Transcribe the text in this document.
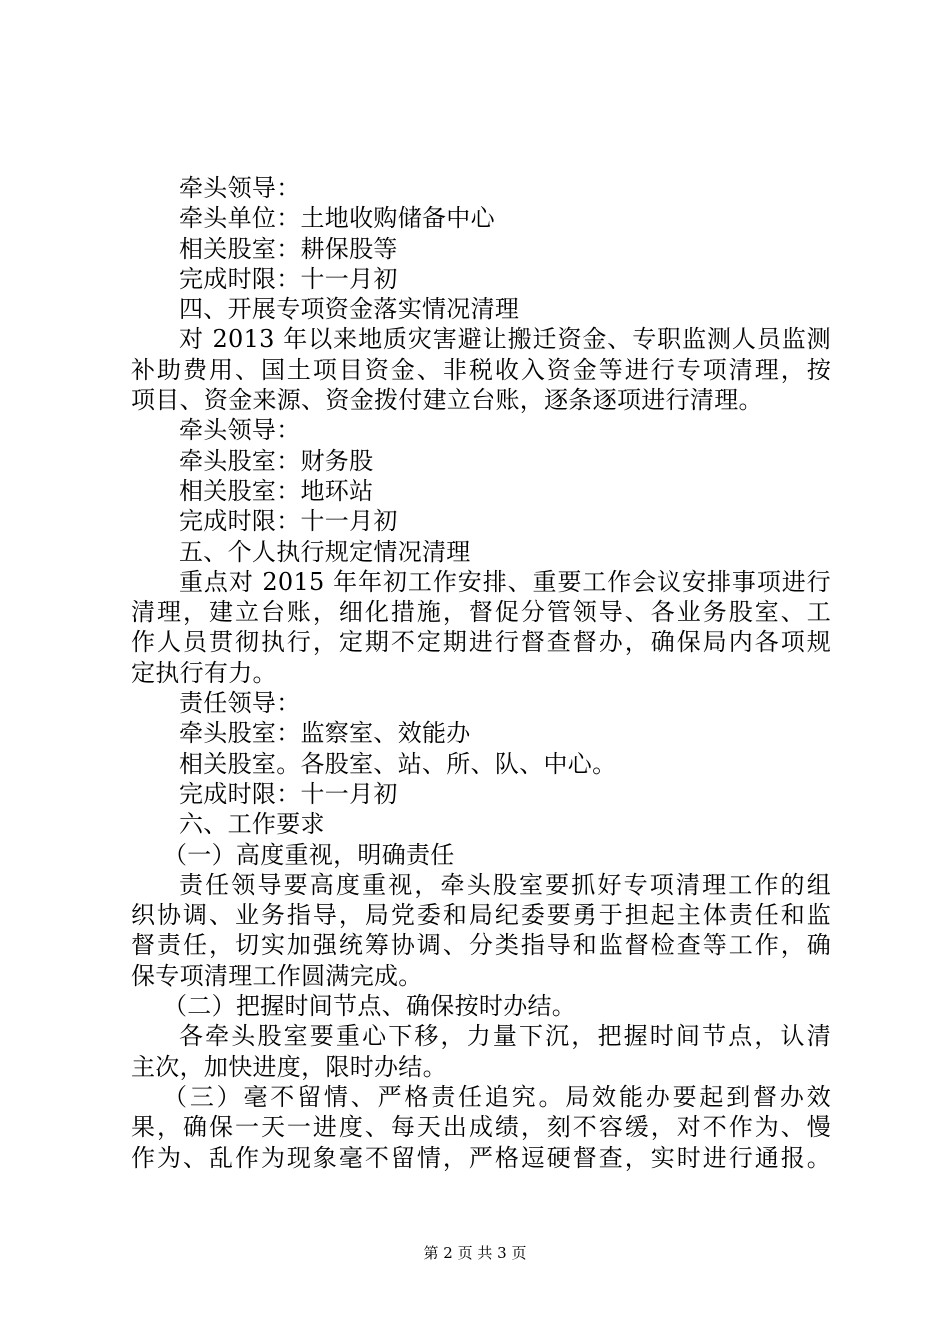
牵头领导：
牵头单位：土地收购储备中心
相关股室：耕保股等
完成时限：十一月初
四、开展专项资金落实情况清理
对 2013 年以来地质灾害避让搬迁资金、专职监测人员监测
补助费用、国土项目资金、非税收入资金等进行专项清理，按
项目、资金来源、资金拨付建立台账，逐条逐项进行清理。
牵头领导：
牵头股室：财务股
相关股室：地环站
完成时限：十一月初
五、个人执行规定情况清理
重点对 2015 年年初工作安排、重要工作会议安排事项进行
清理，建立台账，细化措施，督促分管领导、各业务股室、工
作人员贯彻执行，定期不定期进行督查督办，确保局内各项规
定执行有力。
责任领导：
牵头股室：监察室、效能办
相关股室。各股室、站、所、队、中心。
完成时限：十一月初
六、工作要求
（一）高度重视，明确责任
责任领导要高度重视，牵头股室要抓好专项清理工作的组
织协调、业务指导，局党委和局纪委要勇于担起主体责任和监
督责任，切实加强统筹协调、分类指导和监督检查等工作，确
保专项清理工作圆满完成。
（二）把握时间节点、确保按时办结。
各牵头股室要重心下移，力量下沉，把握时间节点，认清
主次，加快进度，限时办结。
（三）毫不留情、严格责任追究。局效能办要起到督办效
果，确保一天一进度、每天出成绩，刻不容缓，对不作为、慢
作为、乱作为现象毫不留情，严格逗硬督查，实时进行通报。
第 2 页 共 3 页
